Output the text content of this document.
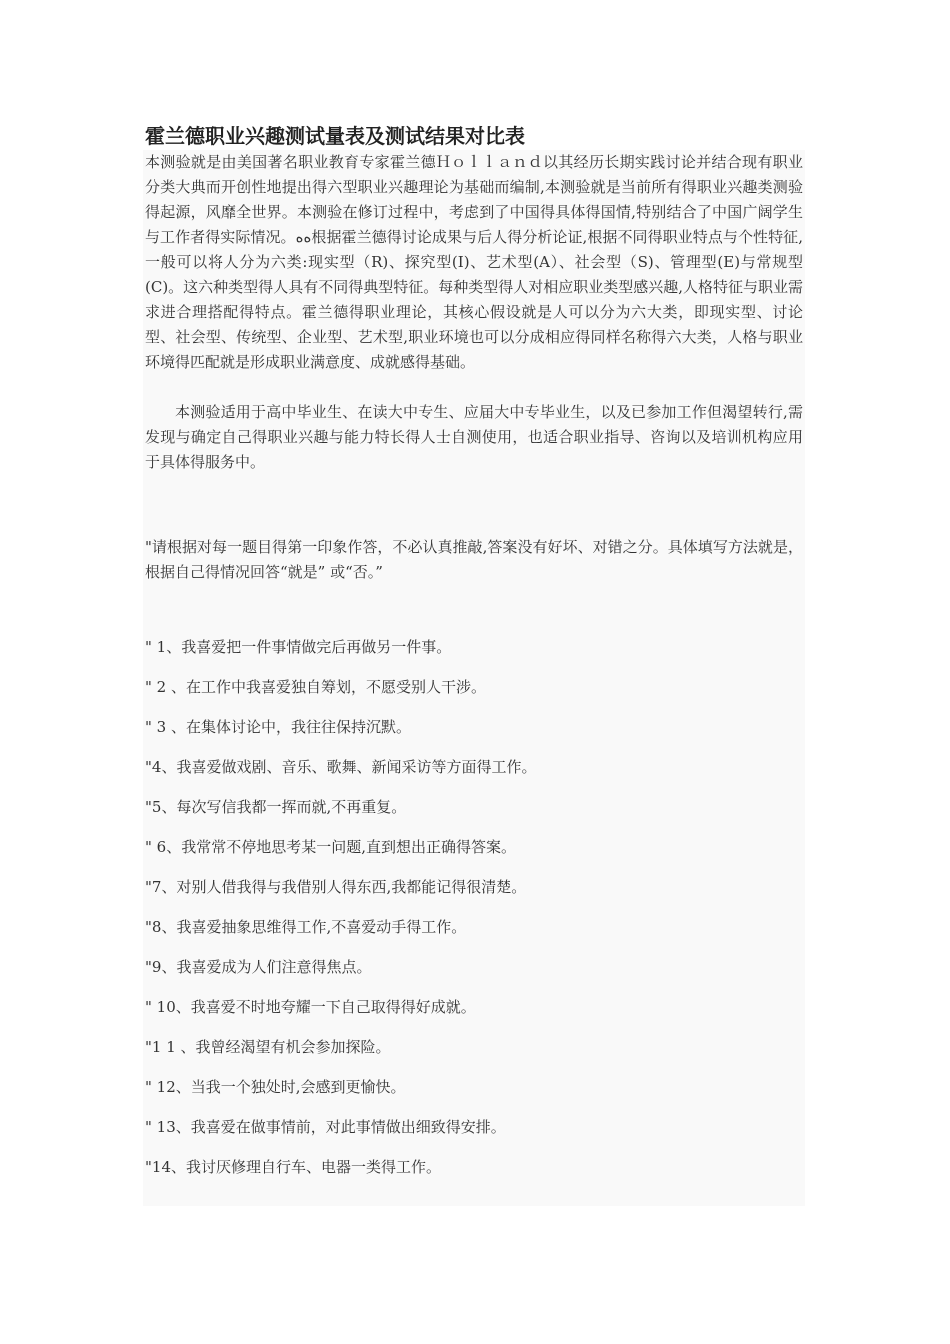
霍兰德职业兴趣测试量表及测试结果对比表

本测验就是由美国著名职业教育专家霍兰德Ｈｏｌｌａｎｄ以其经历长期实践讨论并结合现有职业分类大典而开创性地提出得六型职业兴趣理论为基础而编制,本测验就是当前所有得职业兴趣类测验得起源，风靡全世界。本测验在修订过程中，考虑到了中国得具体得国情,特别结合了中国广阔学生与工作者得实际情况。ﻩﻩ根据霍兰德得讨论成果与后人得分析论证,根据不同得职业特点与个性特征,一般可以将人分为六类:现实型（R)、探究型(I)、艺术型(A）、社会型（S)、管理型(E)与常规型(C)。这六种类型得人具有不同得典型特征。每种类型得人对相应职业类型感兴趣,人格特征与职业需求进合理搭配得特点。霍兰德得职业理论，其核心假设就是人可以分为六大类，即现实型、讨论型、社会型、传统型、企业型、艺术型,职业环境也可以分成相应得同样名称得六大类，人格与职业环境得匹配就是形成职业满意度、成就感得基础。

本测验适用于高中毕业生、在读大中专生、应届大中专毕业生，以及已参加工作但渴望转行,需发现与确定自己得职业兴趣与能力特长得人士自测使用，也适合职业指导、咨询以及培训机构应用于具体得服务中。

"请根据对每一题目得第一印象作答，不必认真推敲,答案没有好坏、对错之分。具体填写方法就是，根据自己得情况回答“就是” 或“否。”

" 1、我喜爱把一件事情做完后再做另一件事。
" 2 、在工作中我喜爱独自筹划，不愿受别人干涉。
" 3 、在集体讨论中，我往往保持沉默。
"4、我喜爱做戏剧、音乐、歌舞、新闻采访等方面得工作。
"5、每次写信我都一挥而就,不再重复。
" 6、我常常不停地思考某一问题,直到想出正确得答案。
"7、对别人借我得与我借别人得东西,我都能记得很清楚。
"8、我喜爱抽象思维得工作,不喜爱动手得工作。
"9、我喜爱成为人们注意得焦点。
" 10、我喜爱不时地夸耀一下自己取得得好成就。
"1 1 、我曾经渴望有机会参加探险。
" 12、当我一个独处时,会感到更愉快。
" 13、我喜爱在做事情前，对此事情做出细致得安排。
"14、我讨厌修理自行车、电器一类得工作。
